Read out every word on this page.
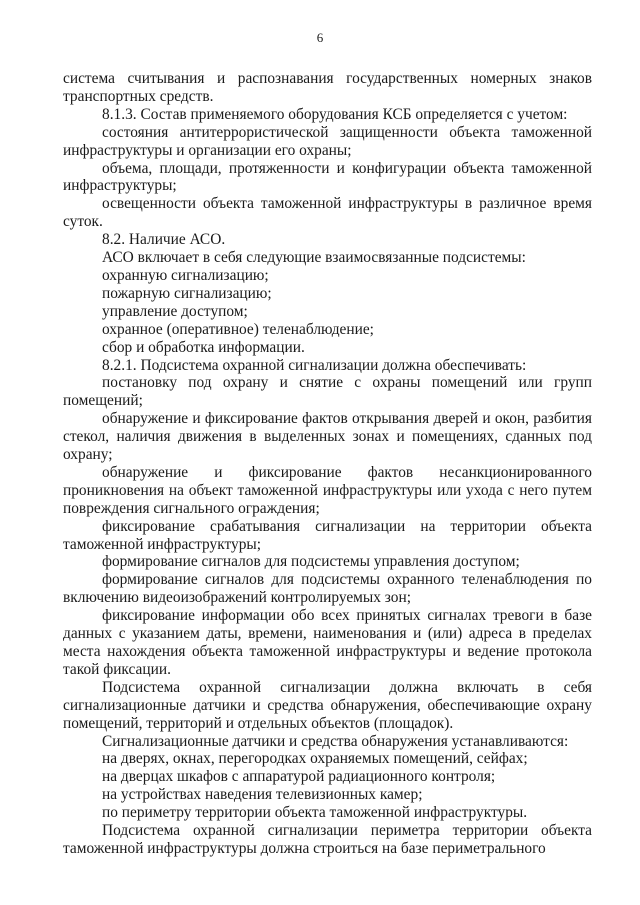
6

система считывания и распознавания государственных номерных знаков транспортных средств.

8.1.3. Состав применяемого оборудования КСБ определяется с учетом:

состояния антитеррористической защищенности объекта таможенной инфраструктуры и организации его охраны;

объема, площади, протяженности и конфигурации объекта таможенной инфраструктуры;

освещенности объекта таможенной инфраструктуры в различное время суток.

8.2. Наличие АСО.

АСО включает в себя следующие взаимосвязанные подсистемы:

охранную сигнализацию;

пожарную сигнализацию;

управление доступом;

охранное (оперативное) теленаблюдение;

сбор и обработка информации.

8.2.1. Подсистема охранной сигнализации должна обеспечивать:

постановку под охрану и снятие с охраны помещений или групп помещений;

обнаружение и фиксирование фактов открывания дверей и окон, разбития стекол, наличия движения в выделенных зонах и помещениях, сданных под охрану;

обнаружение и фиксирование фактов несанкционированного проникновения на объект таможенной инфраструктуры или ухода с него путем повреждения сигнального ограждения;

фиксирование срабатывания сигнализации на территории объекта таможенной инфраструктуры;

формирование сигналов для подсистемы управления доступом;

формирование сигналов для подсистемы охранного теленаблюдения по включению видеоизображений контролируемых зон;

фиксирование информации обо всех принятых сигналах тревоги в базе данных с указанием даты, времени, наименования и (или) адреса в пределах места нахождения объекта таможенной инфраструктуры и ведение протокола такой фиксации.

Подсистема охранной сигнализации должна включать в себя сигнализационные датчики и средства обнаружения, обеспечивающие охрану помещений, территорий и отдельных объектов (площадок).

Сигнализационные датчики и средства обнаружения устанавливаются:

на дверях, окнах, перегородках охраняемых помещений, сейфах;

на дверцах шкафов с аппаратурой радиационного контроля;

на устройствах наведения телевизионных камер;

по периметру территории объекта таможенной инфраструктуры.

Подсистема охранной сигнализации периметра территории объекта таможенной инфраструктуры должна строиться на базе периметрального
